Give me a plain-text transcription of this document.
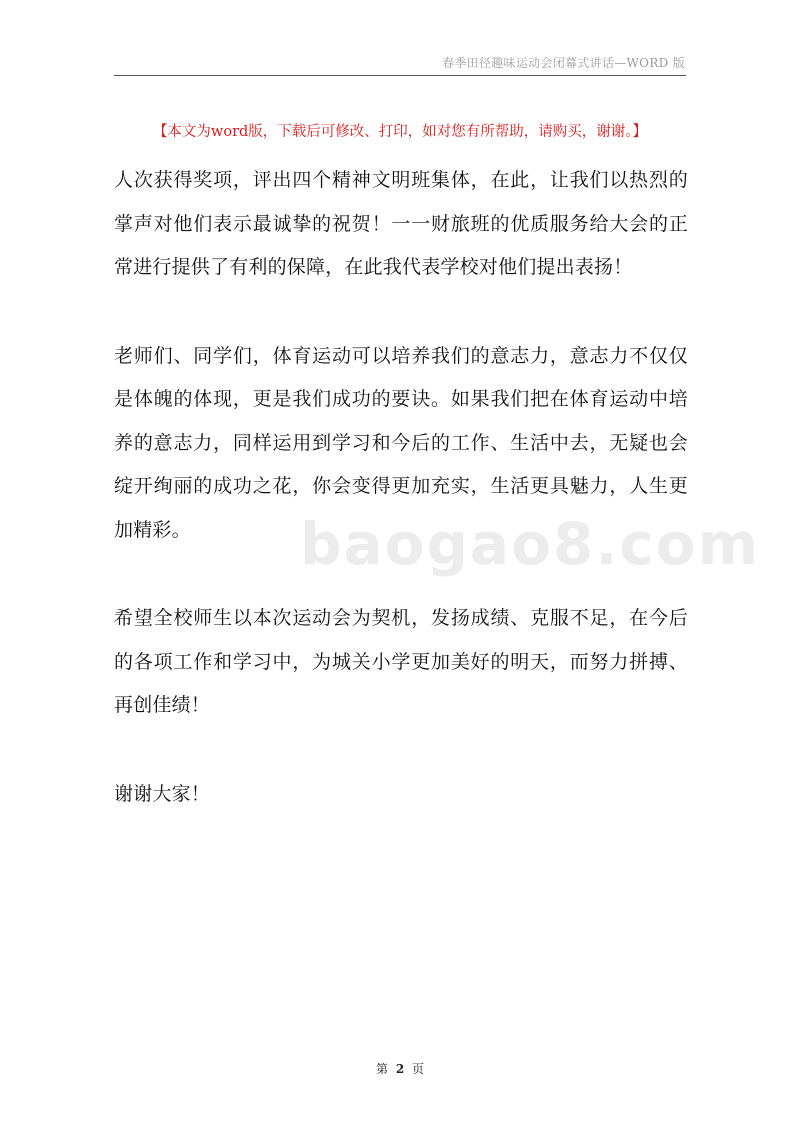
春季田径趣味运动会闭幕式讲话—WORD 版
【本文为word版，下载后可修改、打印，如对您有所帮助，请购买，谢谢。】

人次获得奖项，评出四个精神文明班集体，在此，让我们以热烈的掌声对他们表示最诚挚的祝贺！一一财旅班的优质服务给大会的正常进行提供了有利的保障，在此我代表学校对他们提出表扬！

老师们、同学们，体育运动可以培养我们的意志力，意志力不仅仅是体魄的体现，更是我们成功的要诀。如果我们把在体育运动中培养的意志力，同样运用到学习和今后的工作、生活中去，无疑也会绽开绚丽的成功之花，你会变得更加充实，生活更具魅力，人生更加精彩。

希望全校师生以本次运动会为契机，发扬成绩、克服不足，在今后的各项工作和学习中，为城关小学更加美好的明天，而努力拼搏、再创佳绩！

谢谢大家！

baogao8.com
第 2 页
